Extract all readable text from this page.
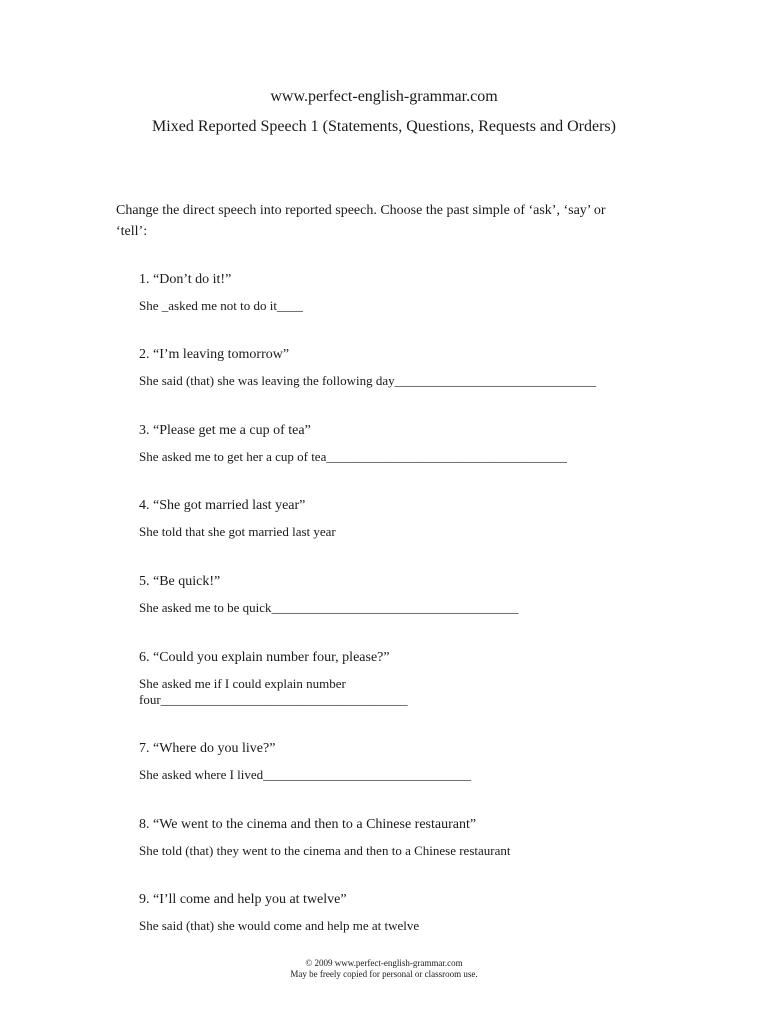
www.perfect-english-grammar.com
Mixed Reported Speech 1 (Statements, Questions, Requests and Orders)
Change the direct speech into reported speech. Choose the past simple of ‘ask’, ‘say’ or ‘tell’:
1. “Don’t do it!”
She _asked me not to do it____
2. “I’m leaving tomorrow”
She said (that) she was leaving the following day_______________________________
3. “Please get me a cup of tea”
She asked me to get her a cup of tea_____________________________________
4. “She got married last year”
She told that she got married last year
5. “Be quick!”
She asked me to be quick______________________________________
6. “Could you explain number four, please?”
She asked me if I could explain number four______________________________________
7. “Where do you live?”
She asked where I lived________________________________
8. “We went to the cinema and then to a Chinese restaurant”
She told (that) they went to the cinema and then to a Chinese restaurant
9. “I’ll come and help you at twelve”
She said (that) she would come and help me at twelve
© 2009 www.perfect-english-grammar.com
May be freely copied for personal or classroom use.
